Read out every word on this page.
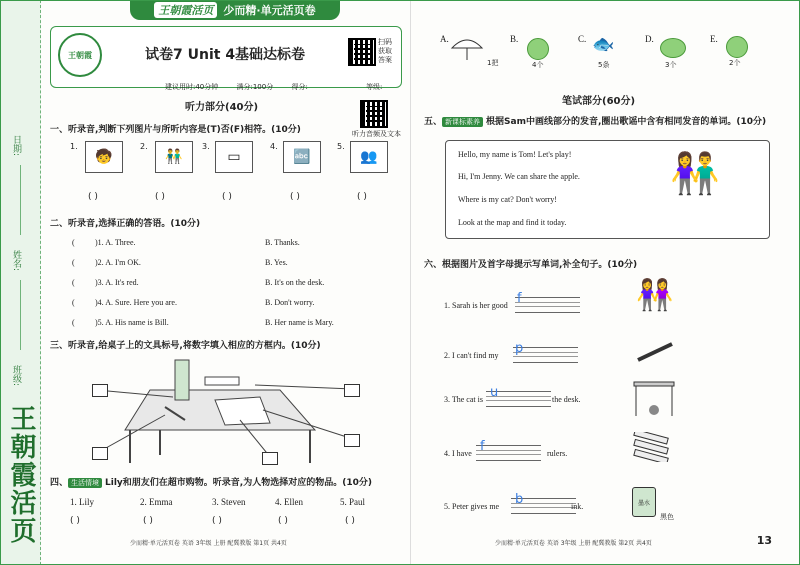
日期:
姓名:
班级:
王朝霞活页
王朝霞活页 少而精·单元活页卷
王朝霞	试卷7 Unit 4基础达标卷
扫码
获取
答案
建议用时:40分钟	满分:100分	得分:	等级:
听力部分(40分)
听力音频及文本
一、听录音,判断下列图片与所听内容是(T)否(F)相符。(10分)
🧒	👬	▭	🔤	👥
1.	2.	3.	4.	5.
( )	( )	( )	( )	( )
二、听录音,选择正确的答语。(10分)
(	)1. A. Three.	B. Thanks.
(	)2. A. I'm OK.	B. Yes.
(	)3. A. It's red.	B. It's on the desk.
(	)4. A. Sure. Here you are.	B. Don't worry.
(	)5. A. His name is Bill.	B. Her name is Mary.
三、听录音,给桌子上的文具标号,将数字填入相应的方框内。(10分)
四、 生活情境 Lily和朋友们在超市购物。听录音,为人物选择对应的物品。(10分)
1. Lily	2. Emma	3. Steven	4. Ellen	5. Paul
( )	( )	( )	( )	( )
少而精·单元活页卷 英语 3年级 上册 配冀教版 第1页 共4页
A.
1把
B.
4个
C. 🐟
5条
D.
3个
E.
2个
笔试部分(60分)
五、 新课标素养 根据Sam中画线部分的发音,圈出歌谣中含有相同发音的单词。(10分)
Hello, my name is Tom! Let's play!
Hi, I'm Jenny. We can share the apple.
Where is my cat? Don't worry!
Look at the map and find it today.
👫
六、根据图片及首字母提示写单词,补全句子。(10分)
1. Sarah is her good f	👭
2. I can't find my p
3. The cat is u	the desk.
4. I have f	rulers.
5. Peter gives me b	ink.	墨水
黑色
少而精·单元活页卷 英语 3年级 上册 配冀教版 第2页 共4页	13
